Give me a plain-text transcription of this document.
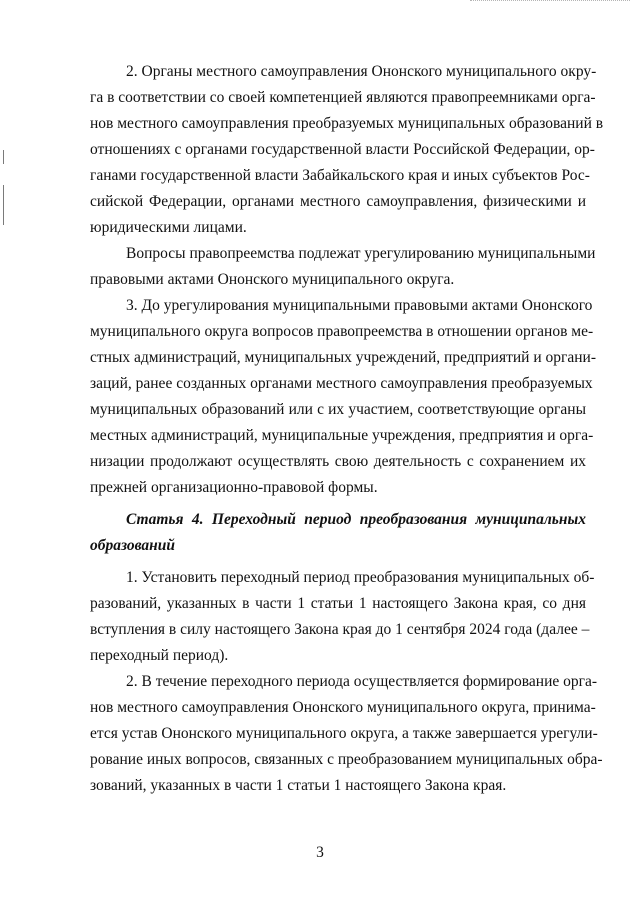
2. Органы местного самоуправления Ононского муниципального окру-
га в соответствии со своей компетенцией являются правопреемниками орга-
нов местного самоуправления преобразуемых муниципальных образований в
отношениях с органами государственной власти Российской Федерации, ор-
ганами государственной власти Забайкальского края и иных субъектов Рос-
сийской Федерации, органами местного самоуправления, физическими и
юридическими лицами.
Вопросы правопреемства подлежат урегулированию муниципальными
правовыми актами Ононского муниципального округа.
3. До урегулирования муниципальными правовыми актами Ононского
муниципального округа вопросов правопреемства в отношении органов ме-
стных администраций, муниципальных учреждений, предприятий и органи-
заций, ранее созданных органами местного самоуправления преобразуемых
муниципальных образований или с их участием, соответствующие органы
местных администраций, муниципальные учреждения, предприятия и орга-
низации продолжают осуществлять свою деятельность с сохранением их
прежней организационно-правовой формы.
Статья 4. Переходный период преобразования муниципальных
образований
1. Установить переходный период преобразования муниципальных об-
разований, указанных в части 1 статьи 1 настоящего Закона края, со дня
вступления в силу настоящего Закона края до 1 сентября 2024 года (далее –
переходный период).
2. В течение переходного периода осуществляется формирование орга-
нов местного самоуправления Ононского муниципального округа, принима-
ется устав Ононского муниципального округа, а также завершается урегули-
рование иных вопросов, связанных с преобразованием муниципальных обра-
зований, указанных в части 1 статьи 1 настоящего Закона края.
3
